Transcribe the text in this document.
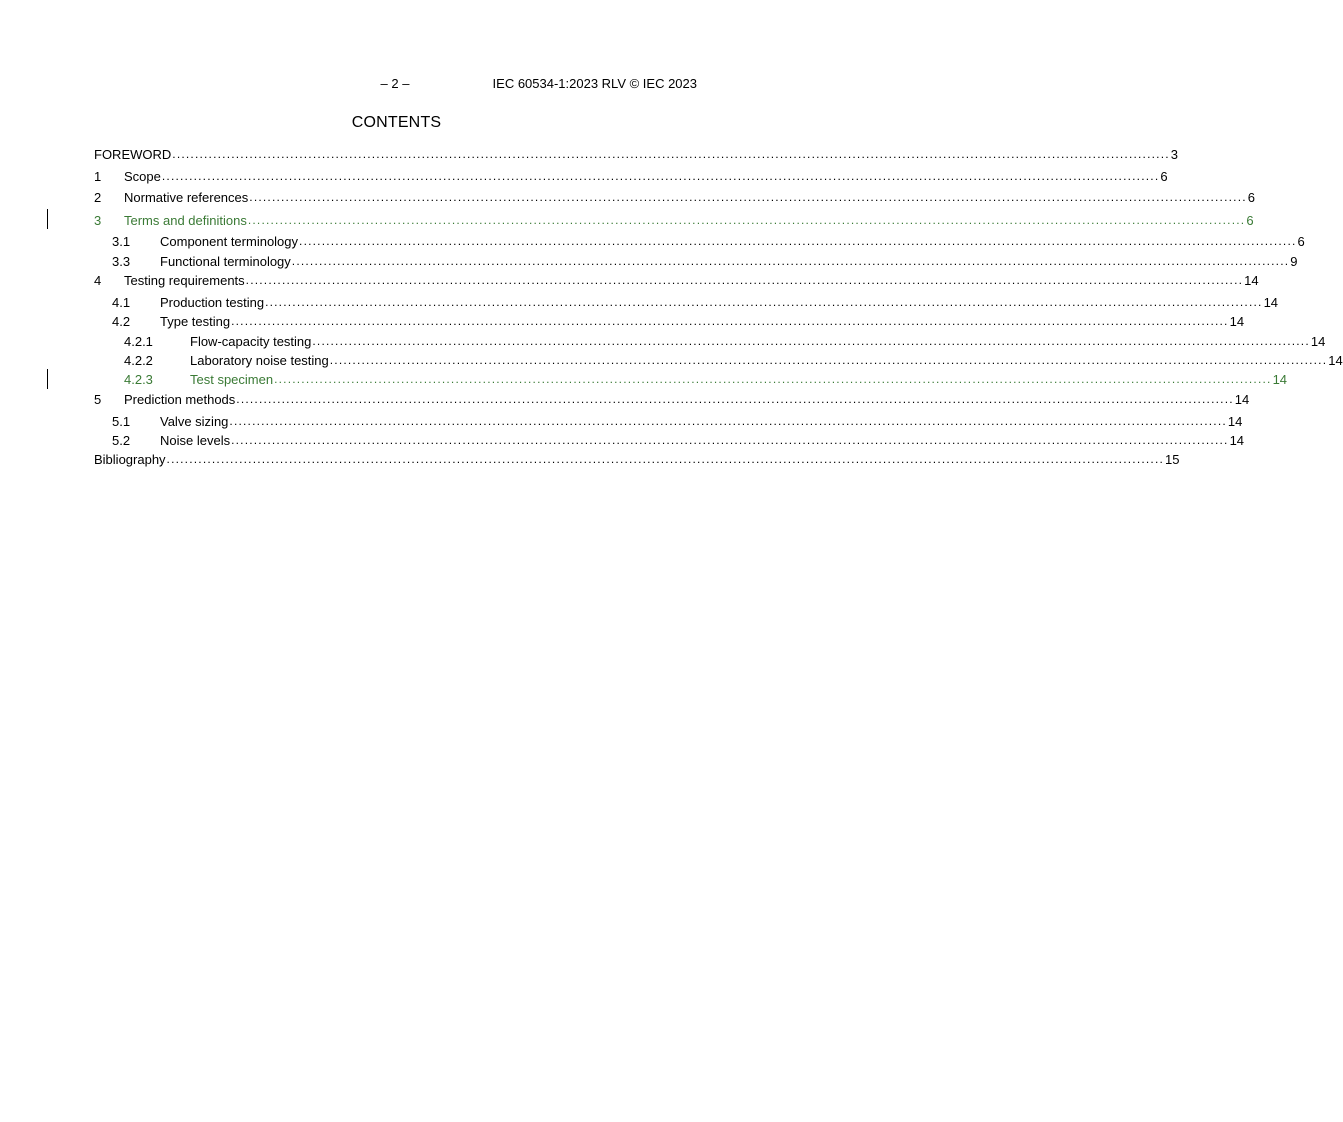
– 2 –	IEC 60534-1:2023 RLV © IEC 2023
CONTENTS
FOREWORD ............................................................................................................................................................................................................................ 3
1	Scope ............................................................................................................................................................................................................................ 6
2	Normative references ............................................................................................................................................................................................................................ 6
3	Terms and definitions ............................................................................................................................................................................................................................ 6
3.1	Component terminology ............................................................................................................................................................................................................................ 6
3.3	Functional terminology ............................................................................................................................................................................................................................ 9
4	Testing requirements ............................................................................................................................................................................................................................ 14
4.1	Production testing ............................................................................................................................................................................................................................ 14
4.2	Type testing ............................................................................................................................................................................................................................ 14
4.2.1	Flow-capacity testing ............................................................................................................................................................................................................................ 14
4.2.2	Laboratory noise testing ............................................................................................................................................................................................................................ 14
4.2.3	Test specimen ............................................................................................................................................................................................................................ 14
5	Prediction methods ............................................................................................................................................................................................................................ 14
5.1	Valve sizing ............................................................................................................................................................................................................................ 14
5.2	Noise levels ............................................................................................................................................................................................................................ 14
Bibliography ............................................................................................................................................................................................................................ 15
